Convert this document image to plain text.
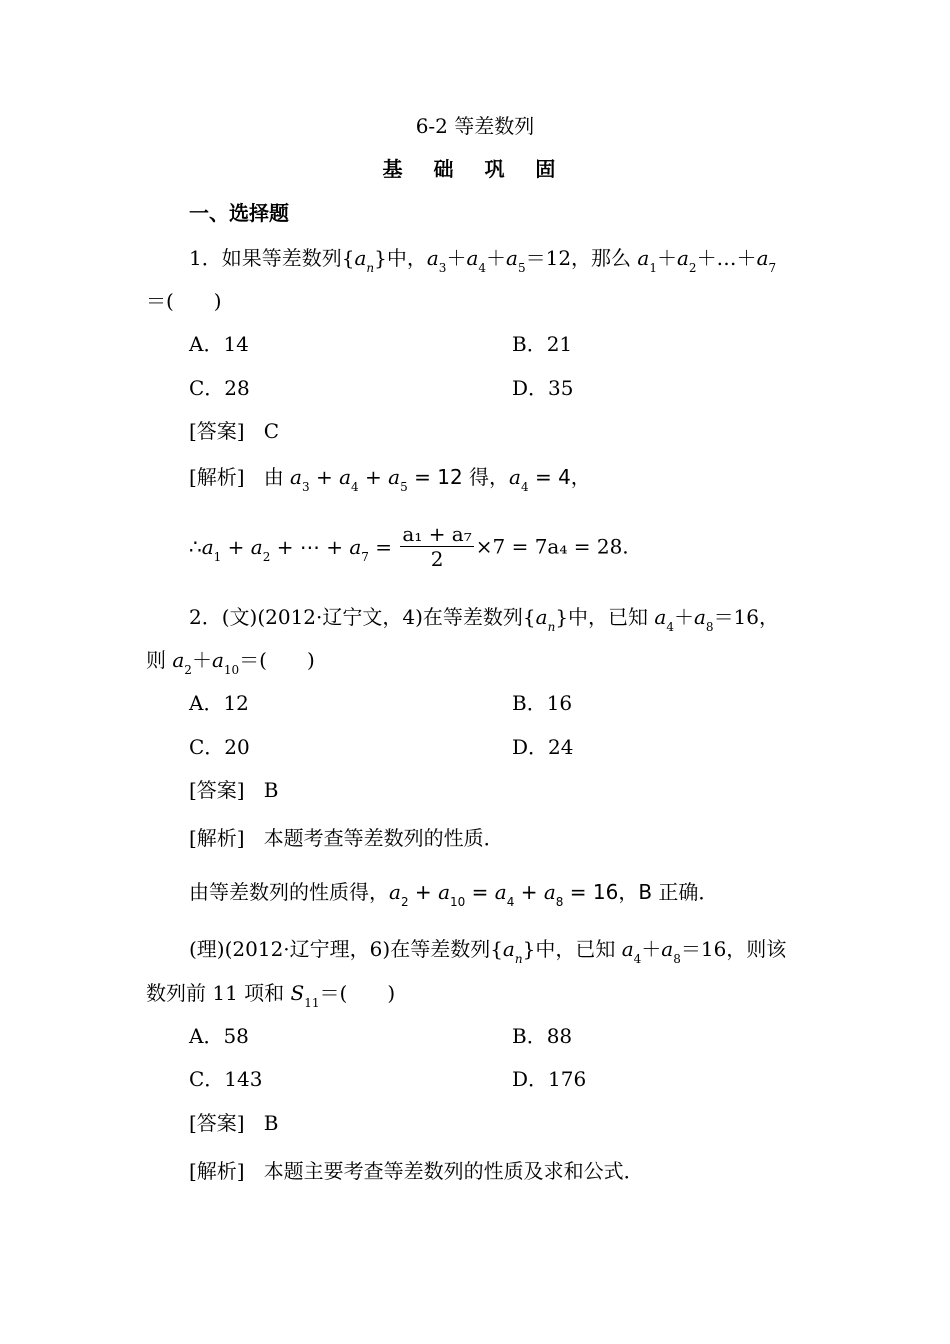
6-2 等差数列
基 础 巩 固
一、选择题
1．如果等差数列$\{a_n\}$中，$a_3+a_4+a_5=12$，那么 $a_1+a_2+\dots+a_7$
＝(　　)
A．14	B．21
C．28	D．35
[答案] C
[解析] 由 $a_3 + a_4 + a_5 = 12$ 得，$a_4 = 4$，
$\therefore a_1 + a_2$ + ⋯ + $a_7 = \frac{\text{a₁ + a₇}}{2} \times 7 = 7a_4 = 28$.
2．(文)(2012·辽宁文，4)在等差数列$\{a_n\}$中，已知 $a_4+a_8=16$，
则 $a_2+a_{10}=$(　　)
A．12	B．16
C．20	D．24
[答案] B
[解析] 本题考查等差数列的性质．
由等差数列的性质得，$a_2 + a_{10} = a_4 + a_8 = 16$，B 正确．
(理)(2012·辽宁理，6)在等差数列$\{a_n\}$中，已知 $a_4+a_8=16$，则该
数列前 11 项和 $S_{11}=$(　　)
A．58	B．88
C．143	D．176
[答案] B
[解析] 本题主要考查等差数列的性质及求和公式．
